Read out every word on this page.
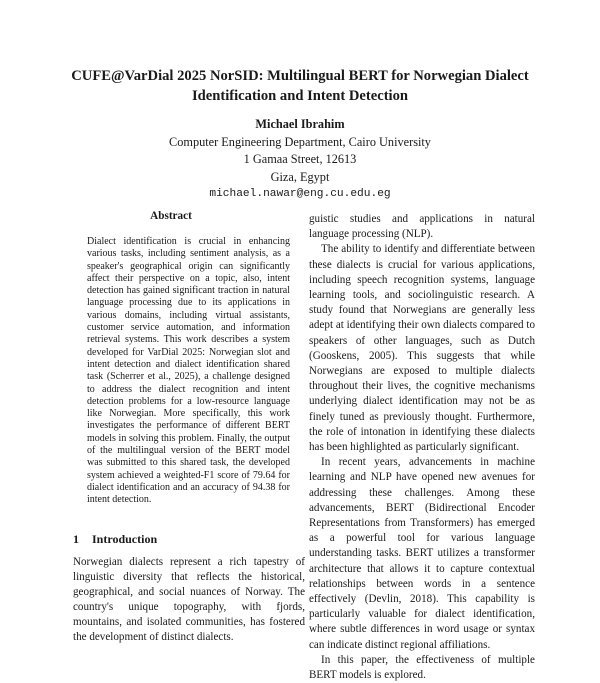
CUFE@VarDial 2025 NorSID: Multilingual BERT for Norwegian Dialect
Identification and Intent Detection
Michael Ibrahim
Computer Engineering Department, Cairo University
1 Gamaa Street, 12613
Giza, Egypt
michael.nawar@eng.cu.edu.eg
Abstract
Dialect identification is crucial in enhancing various tasks, including sentiment analysis, as a speaker's geographical origin can significantly affect their perspective on a topic, also, intent detection has gained significant traction in natural language processing due to its applications in various domains, including virtual assistants, customer service automation, and information retrieval systems. This work describes a system developed for VarDial 2025: Norwegian slot and intent detection and dialect identification shared task (Scherrer et al., 2025), a challenge designed to address the dialect recognition and intent detection problems for a low-resource language like Norwegian. More specifically, this work investigates the performance of different BERT models in solving this problem. Finally, the output of the multilingual version of the BERT model was submitted to this shared task, the developed system achieved a weighted-F1 score of 79.64 for dialect identification and an accuracy of 94.38 for intent detection.
1 Introduction

Norwegian dialects represent a rich tapestry of linguistic diversity that reflects the historical, geographical, and social nuances of Norway. The country's unique topography, with fjords, mountains, and isolated communities, has fostered the development of distinct dialects.

guistic studies and applications in natural language processing (NLP).

The ability to identify and differentiate between these dialects is crucial for various applications, including speech recognition systems, language learning tools, and sociolinguistic research. A study found that Norwegians are generally less adept at identifying their own dialects compared to speakers of other languages, such as Dutch (Gooskens, 2005). This suggests that while Norwegians are exposed to multiple dialects throughout their lives, the cognitive mechanisms underlying dialect identification may not be as finely tuned as previously thought. Furthermore, the role of intonation in identifying these dialects has been highlighted as particularly significant.

In recent years, advancements in machine learning and NLP have opened new avenues for addressing these challenges. Among these advancements, BERT (Bidirectional Encoder Representations from Transformers) has emerged as a powerful tool for various language understanding tasks. BERT utilizes a transformer architecture that allows it to capture contextual relationships between words in a sentence effectively (Devlin, 2018). This capability is particularly valuable for dialect identification, where subtle differences in word usage or syntax can indicate distinct regional affiliations.

In this paper, the effectiveness of multiple BERT models is explored.
